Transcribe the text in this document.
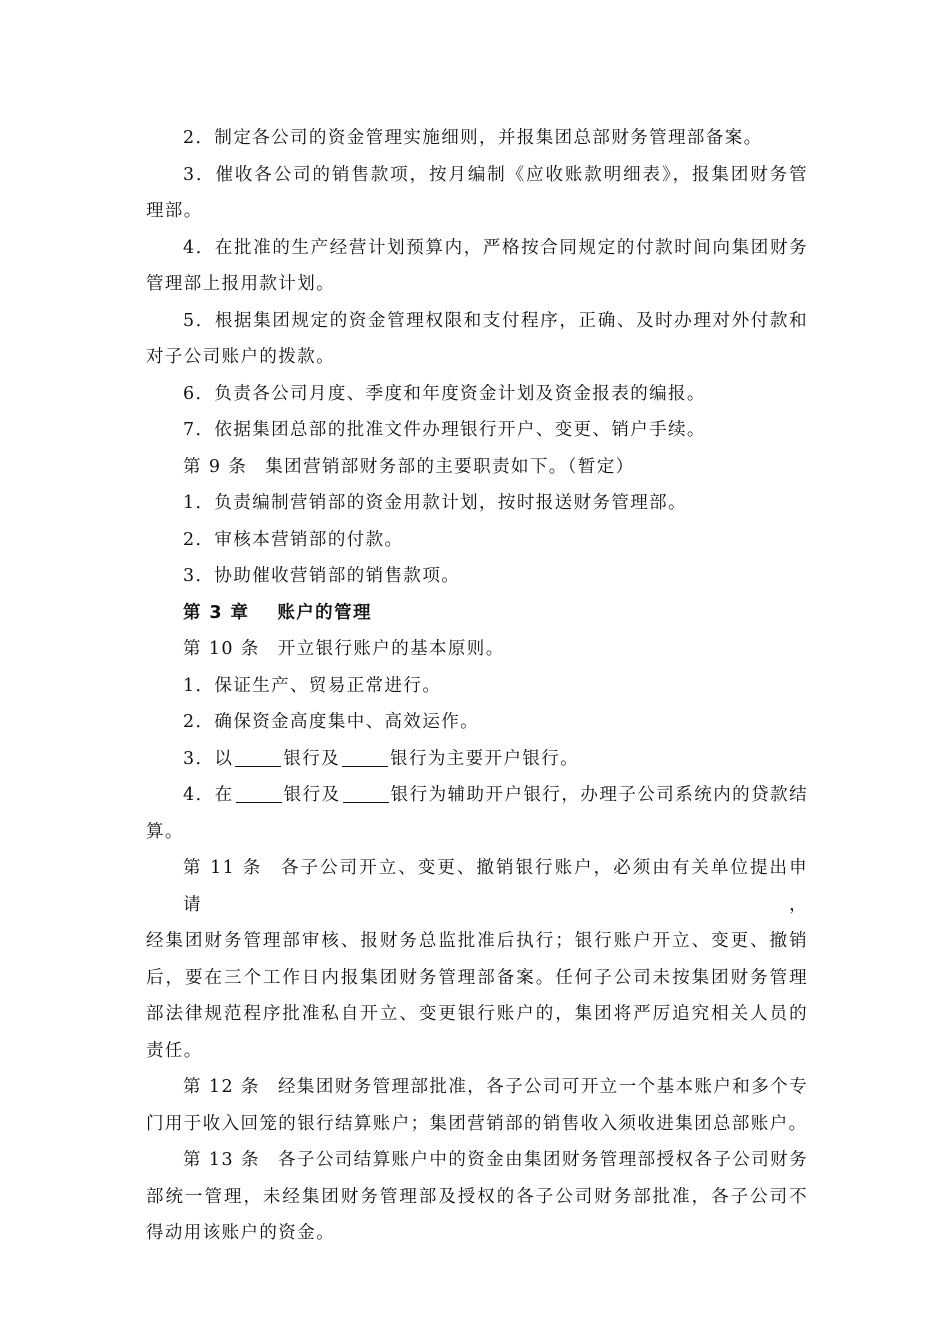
2．制定各公司的资金管理实施细则，并报集团总部财务管理部备案。

3．催收各公司的销售款项，按月编制《应收账款明细表》，报集团财务管

理部。

4．在批准的生产经营计划预算内，严格按合同规定的付款时间向集团财务

管理部上报用款计划。

5．根据集团规定的资金管理权限和支付程序，正确、及时办理对外付款和

对子公司账户的拨款。

6．负责各公司月度、季度和年度资金计划及资金报表的编报。

7．依据集团总部的批准文件办理银行开户、变更、销户手续。

第 9 条 集团营销部财务部的主要职责如下。（暂定）

1．负责编制营销部的资金用款计划，按时报送财务管理部。

2．审核本营销部的付款。

3．协助催收营销部的销售款项。

第 3 章 账户的管理

第 10 条 开立银行账户的基本原则。

1．保证生产、贸易正常进行。

2．确保资金高度集中、高效运作。

3．以	银行及	银行为主要开户银行。

4．在	银行及	银行为辅助开户银行，办理子公司系统内的贷款结

算。

第 11 条 各子公司开立、变更、撤销银行账户，必须由有关单位提出申请，

经集团财务管理部审核、报财务总监批准后执行；银行账户开立、变更、撤销

后，要在三个工作日内报集团财务管理部备案。任何子公司未按集团财务管理

部法律规范程序批准私自开立、变更银行账户的，集团将严厉追究相关人员的

责任。

第 12 条 经集团财务管理部批准，各子公司可开立一个基本账户和多个专

门用于收入回笼的银行结算账户；集团营销部的销售收入须收进集团总部账户。

第 13 条 各子公司结算账户中的资金由集团财务管理部授权各子公司财务

部统一管理，未经集团财务管理部及授权的各子公司财务部批准，各子公司不

得动用该账户的资金。
